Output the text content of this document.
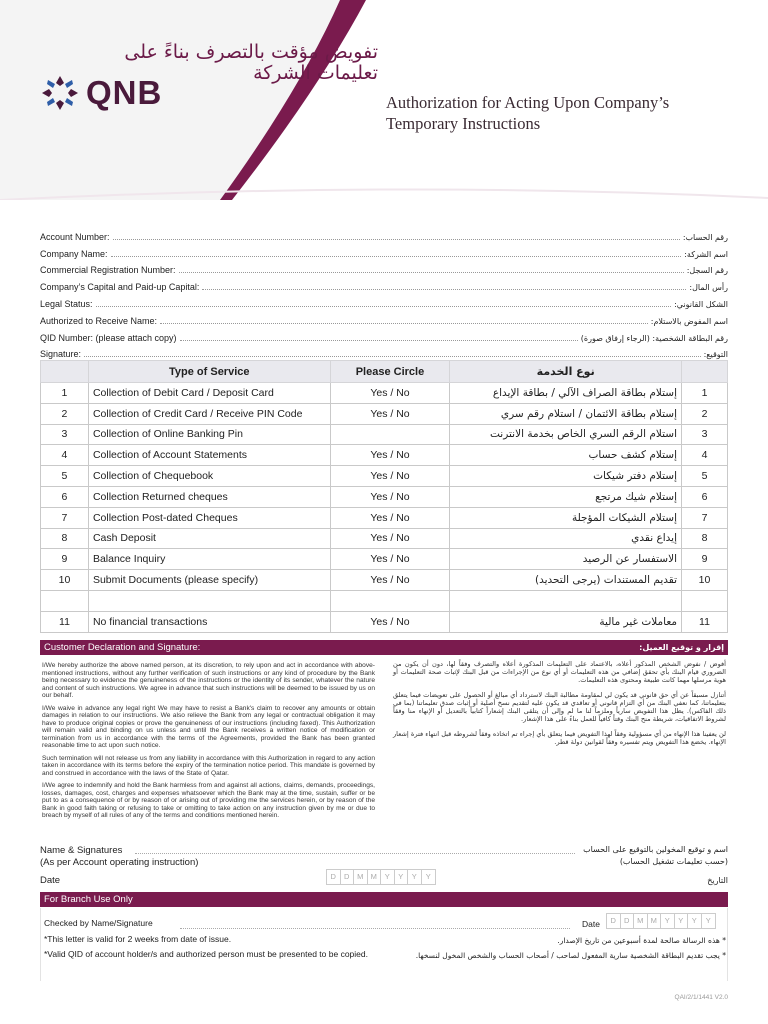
QNB
تفويض مؤقت بالتصرف بناءً على تعليمات الشركة
Authorization for Acting Upon Company’s
Temporary Instructions
Account Number:	رقم الحساب:
Company Name:	اسم الشركة:
Commercial Registration Number:	رقم السجل:
Company’s Capital and Paid-up Capital:	رأس المال:
Legal Status:	الشكل القانوني:
Authorized to Receive Name:	اسم المفوض بالاستلام:
QID Number: (please attach copy)	رقم البطاقة الشخصية: (الرجاء إرفاق صورة)
Signature:	التوقيع:
	Type of Service	Please Circle	نوع الخدمة	
1	Collection of Debit Card / Deposit Card	Yes / No	إستلام بطاقة الصراف الآلي / بطاقة الإيداع	1
2	Collection of Credit Card / Receive PIN Code	Yes / No	إستلام بطاقة الائتمان / استلام رقم سري	2
3	Collection of Online Banking Pin		استلام الرقم السري الخاص بخدمة الانترنت	3
4	Collection of Account Statements	Yes / No	إستلام كشف حساب	4
5	Collection of Chequebook	Yes / No	إستلام دفتر شيكات	5
6	Collection Returned cheques	Yes / No	إستلام شيك مرتجع	6
7	Collection Post-dated Cheques	Yes / No	إستلام الشيكات المؤجلة	7
8	Cash Deposit	Yes / No	إيداع نقدي	8
9	Balance Inquiry	Yes / No	الاستفسار عن الرصيد	9
10	Submit Documents (please specify)	Yes / No	تقديم المستندات (يرجى التحديد)	10

11	No financial transactions	Yes / No	معاملات غير مالية	11
Customer Declaration and Signature:	إقرار و توقيع العميل:

I/We hereby authorize the above named person, at its discretion, to rely upon and act in accordance with above-mentioned instructions, without any further verification of such instructions or any kind of procedure by the Bank being necessary to evidence the genuineness of the instructions or the identity of its sender, whatever the nature and content of such instructions. We agree in advance that such instructions will be deemed to be issued by us on our behalf.

I/We waive in advance any legal right We may have to resist a Bank's claim to recover any amounts or obtain damages in relation to our instructions. We also relieve the Bank from any legal or contractual obligation it may have to produce original copies or prove the genuineness of our instructions (including faxed). This Authorization will remain valid and binding on us unless and until the Bank receives a written notice of modification or termination from us in accordance with the terms of the Agreements, provided the Bank has been granted reasonable time to act upon such notice.

Such termination will not release us from any liability in accordance with this Authorization in regard to any action taken in accordance with its terms before the expiry of the termination notice period. This mandate is governed by and construed in accordance with the laws of the State of Qatar.

I/We agree to indemnify and hold the Bank harmless from and against all actions, claims, demands, proceedings, losses, damages, cost, charges and expenses whatsoever which the Bank may at the time, sustain, suffer or be put to as a consequence of or by reason of or arising out of providing me the services herein, or by reason of the Bank in good faith taking or refusing to take or omitting to take action on any instruction given by me or due to breach by myself of all rules of any of the terms and conditions mentioned herein.

أفوض / نفوض الشخص المذكور أعلاه، بالاعتماد على التعليمات المذكورة أعلاه والتصرف وفقاً لها، دون أن يكون من الضروري قيام البنك بأي تحقق إضافي من هذه التعليمات أو أي نوع من الإجراءات من قبل البنك لإثبات صحة التعليمات أو هوية مرسلها مهما كانت طبيعة ومحتوى هذه التعليمات.

أتنازل مسبقاً عن أي حق قانوني قد يكون لي لمقاومة مطالبة البنك لاسترداد أي مبالغ أو الحصول على تعويضات فيما يتعلق بتعليماتنا، كما نعفي البنك من أي التزام قانوني أو تعاقدي قد يكون عليه لتقديم نسخ أصلية أو إثبات صدق تعليماتنا (بما في ذلك الفاكس). يظل هذا التفويض سارياً وملزماً لنا ما لم وإلى أن يتلقى البنك إشعاراً كتابياً بالتعديل أو الإنهاء منا وفقاً لشروط الاتفاقيات، شريطة منح البنك وقتاً كافياً للعمل بناءً على هذا الإشعار.

لن يعفينا هذا الإنهاء من أي مسؤولية وفقاً لهذا التفويض فيما يتعلق بأي إجراء تم اتخاذه وفقاً لشروطه قبل انتهاء فترة إشعار الإنهاء. يخضع هذا التفويض ويتم تفسيره وفقاً لقوانين دولة قطر.

Name & Signatures
(As per Account operating instruction)
اسم و توقيع المخولين بالتوقيع على الحساب
(حسب تعليمات تشغيل الحساب)
Date	D	D	M M	Y	Y	Y	Y	التاريخ
For Branch Use Only
Checked by Name/Signature	Date	D	D	M M	Y	Y	Y	Y
*This letter is valid for 2 weeks from date of issue.
*Valid QID of account holder/s and authorized person must be presented to be copied.
* هذه الرسالة صالحة لمدة أسبوعين من تاريخ الإصدار.
* يجب تقديم البطاقة الشخصية سارية المفعول لصاحب / أصحاب الحساب والشخص المخول لنسخها.
QAI/2/1/1441 V2.0
